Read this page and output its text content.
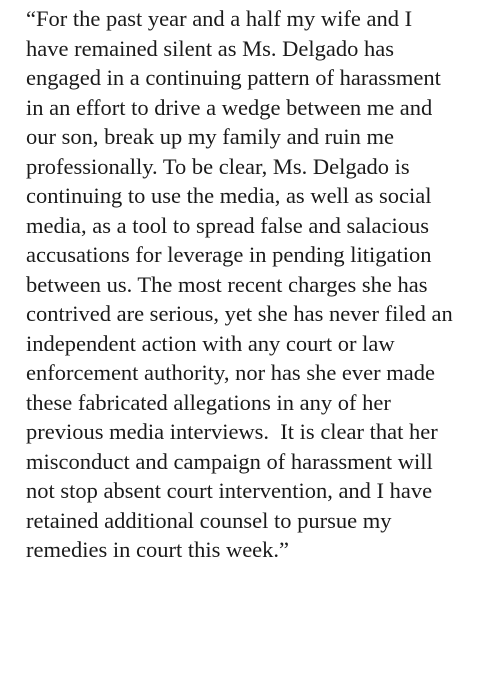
“For the past year and a half my wife and I
have remained silent as Ms. Delgado has
engaged in a continuing pattern of harassment
in an effort to drive a wedge between me and
our son, break up my family and ruin me
professionally. To be clear, Ms. Delgado is
continuing to use the media, as well as social
media, as a tool to spread false and salacious
accusations for leverage in pending litigation
between us. The most recent charges she has
contrived are serious, yet she has never filed an
independent action with any court or law
enforcement authority, nor has she ever made
these fabricated allegations in any of her
previous media interviews.  It is clear that her
misconduct and campaign of harassment will
not stop absent court intervention, and I have
retained additional counsel to pursue my
remedies in court this week.”
